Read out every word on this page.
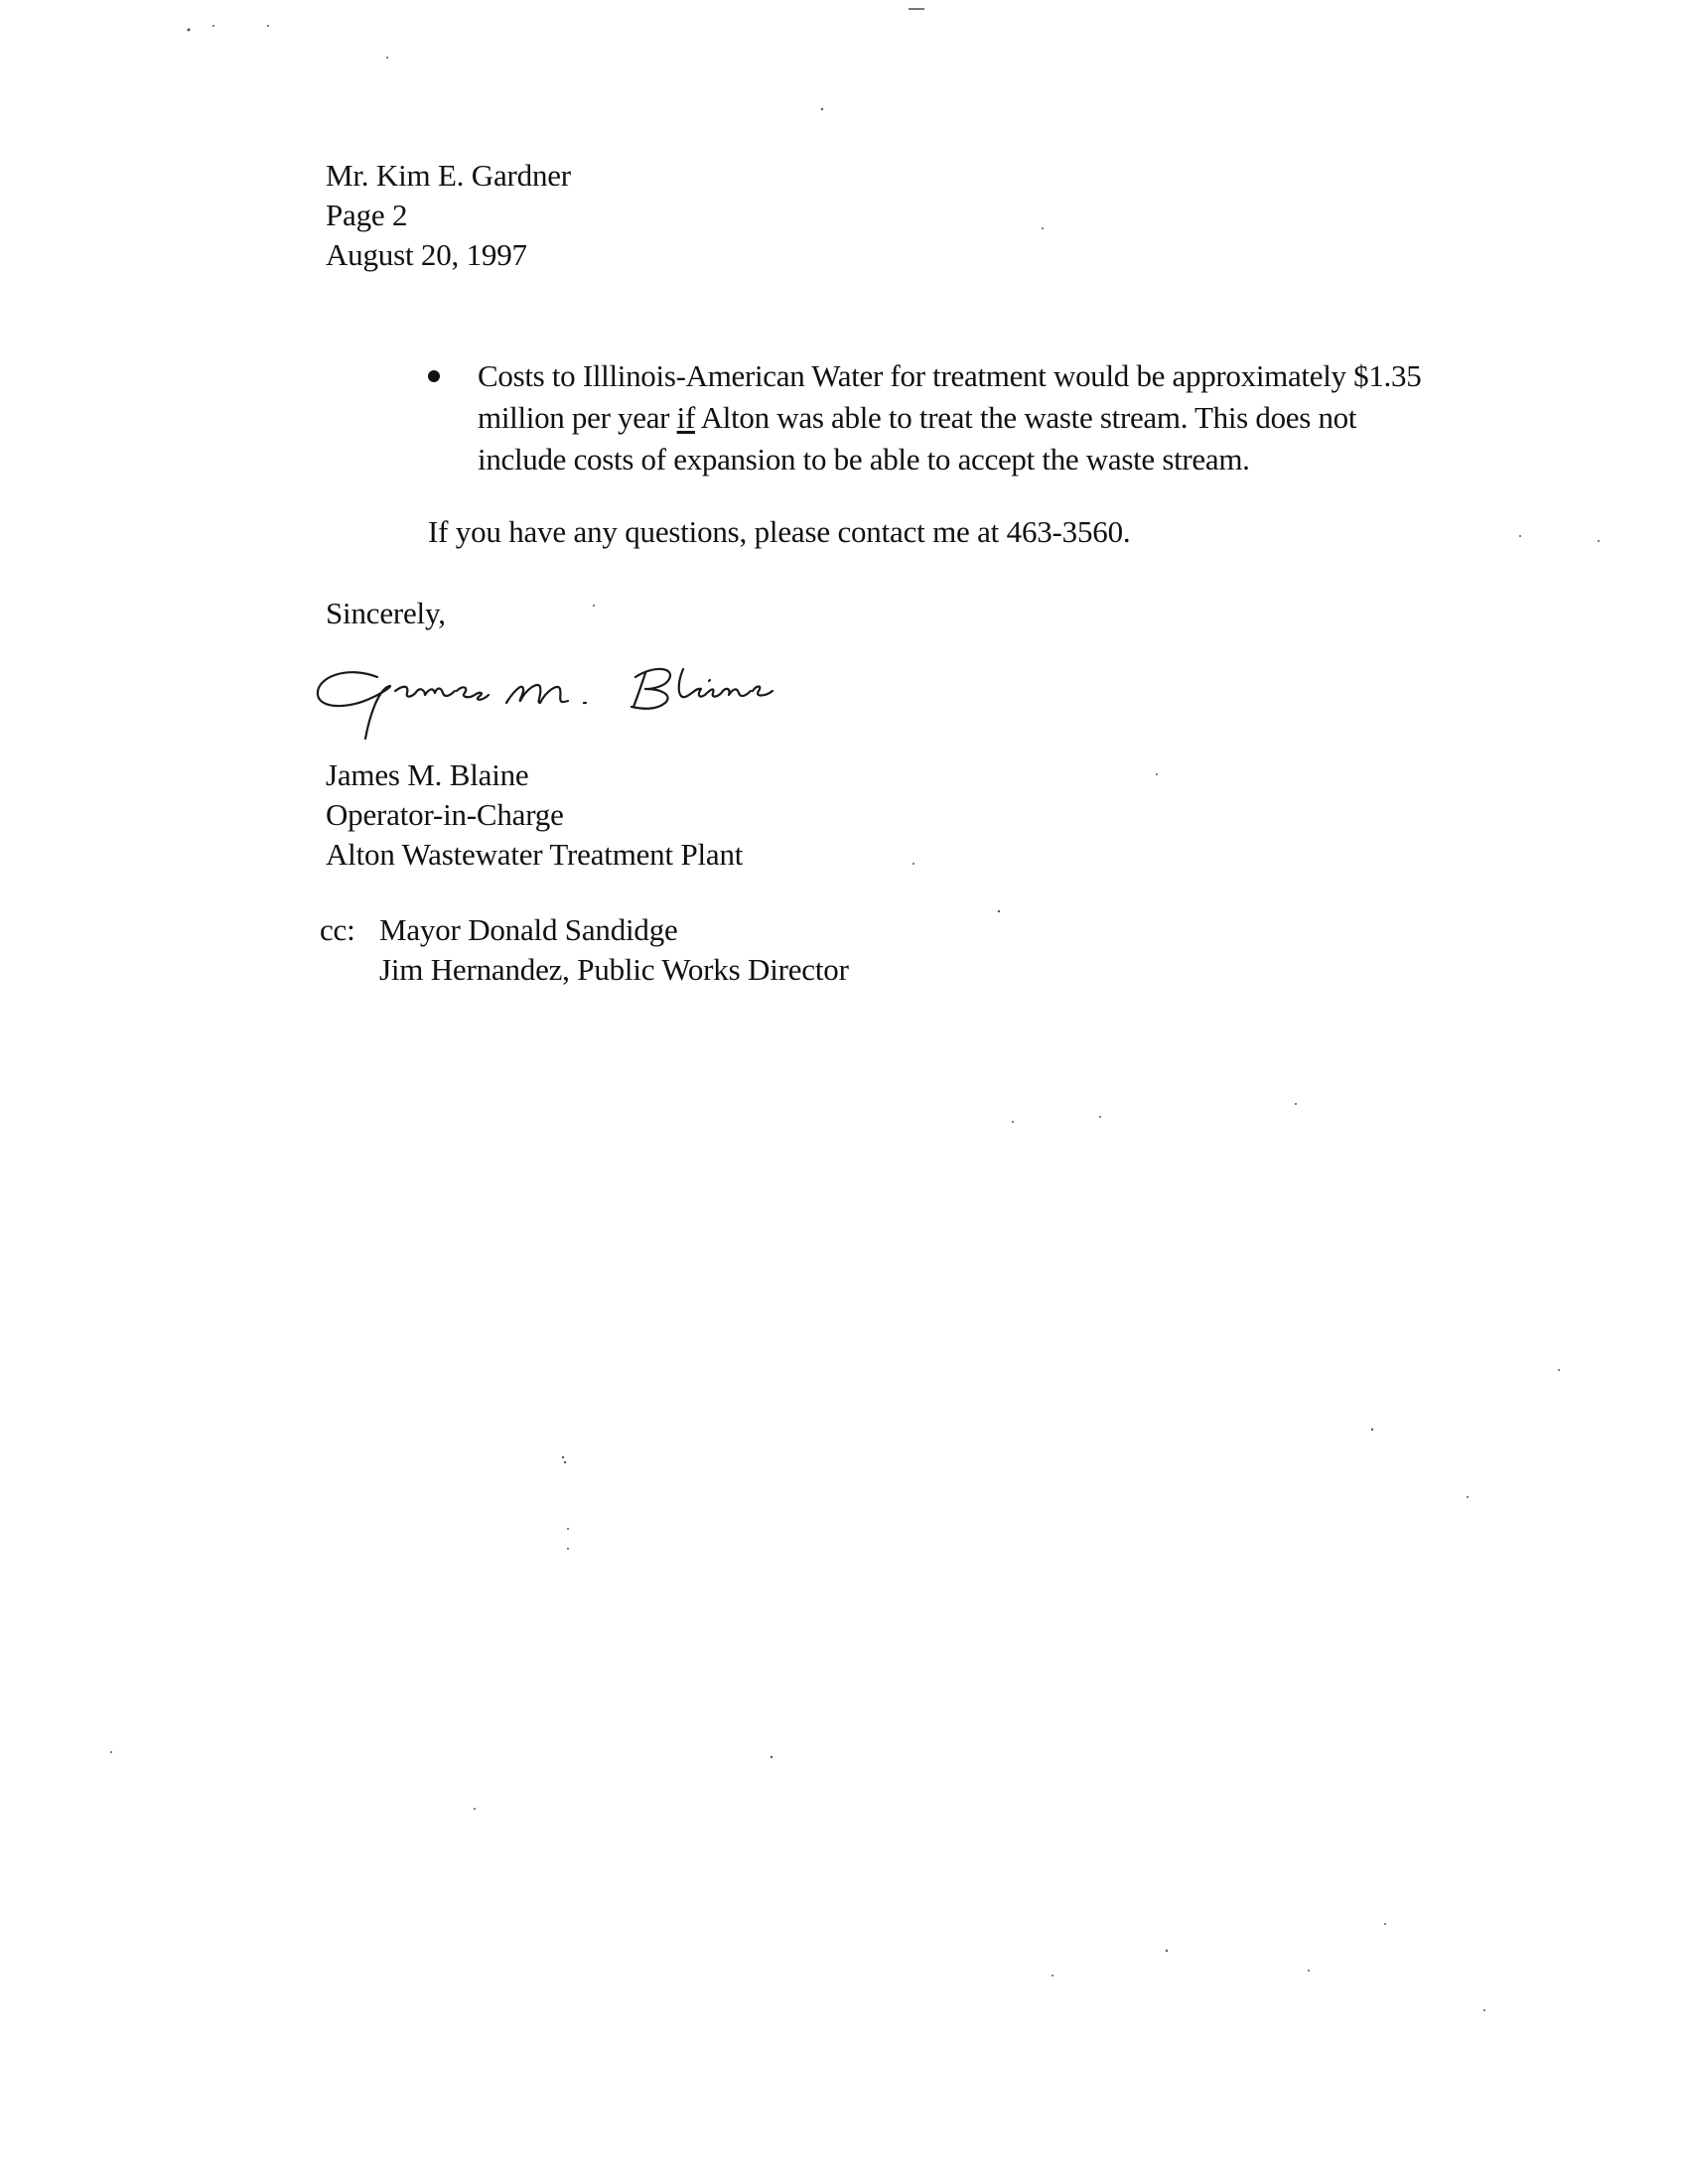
Mr. Kim E. Gardner
Page 2
August 20, 1997
Costs to Illlinois-American Water for treatment would be approximately $1.35
million per year if Alton was able to treat the waste stream. This does not
include costs of expansion to be able to accept the waste stream.
If you have any questions, please contact me at 463-3560.
Sincerely,
James M. Blaine
Operator-in-Charge
Alton Wastewater Treatment Plant
cc: Mayor Donald Sandidge
Jim Hernandez, Public Works Director
